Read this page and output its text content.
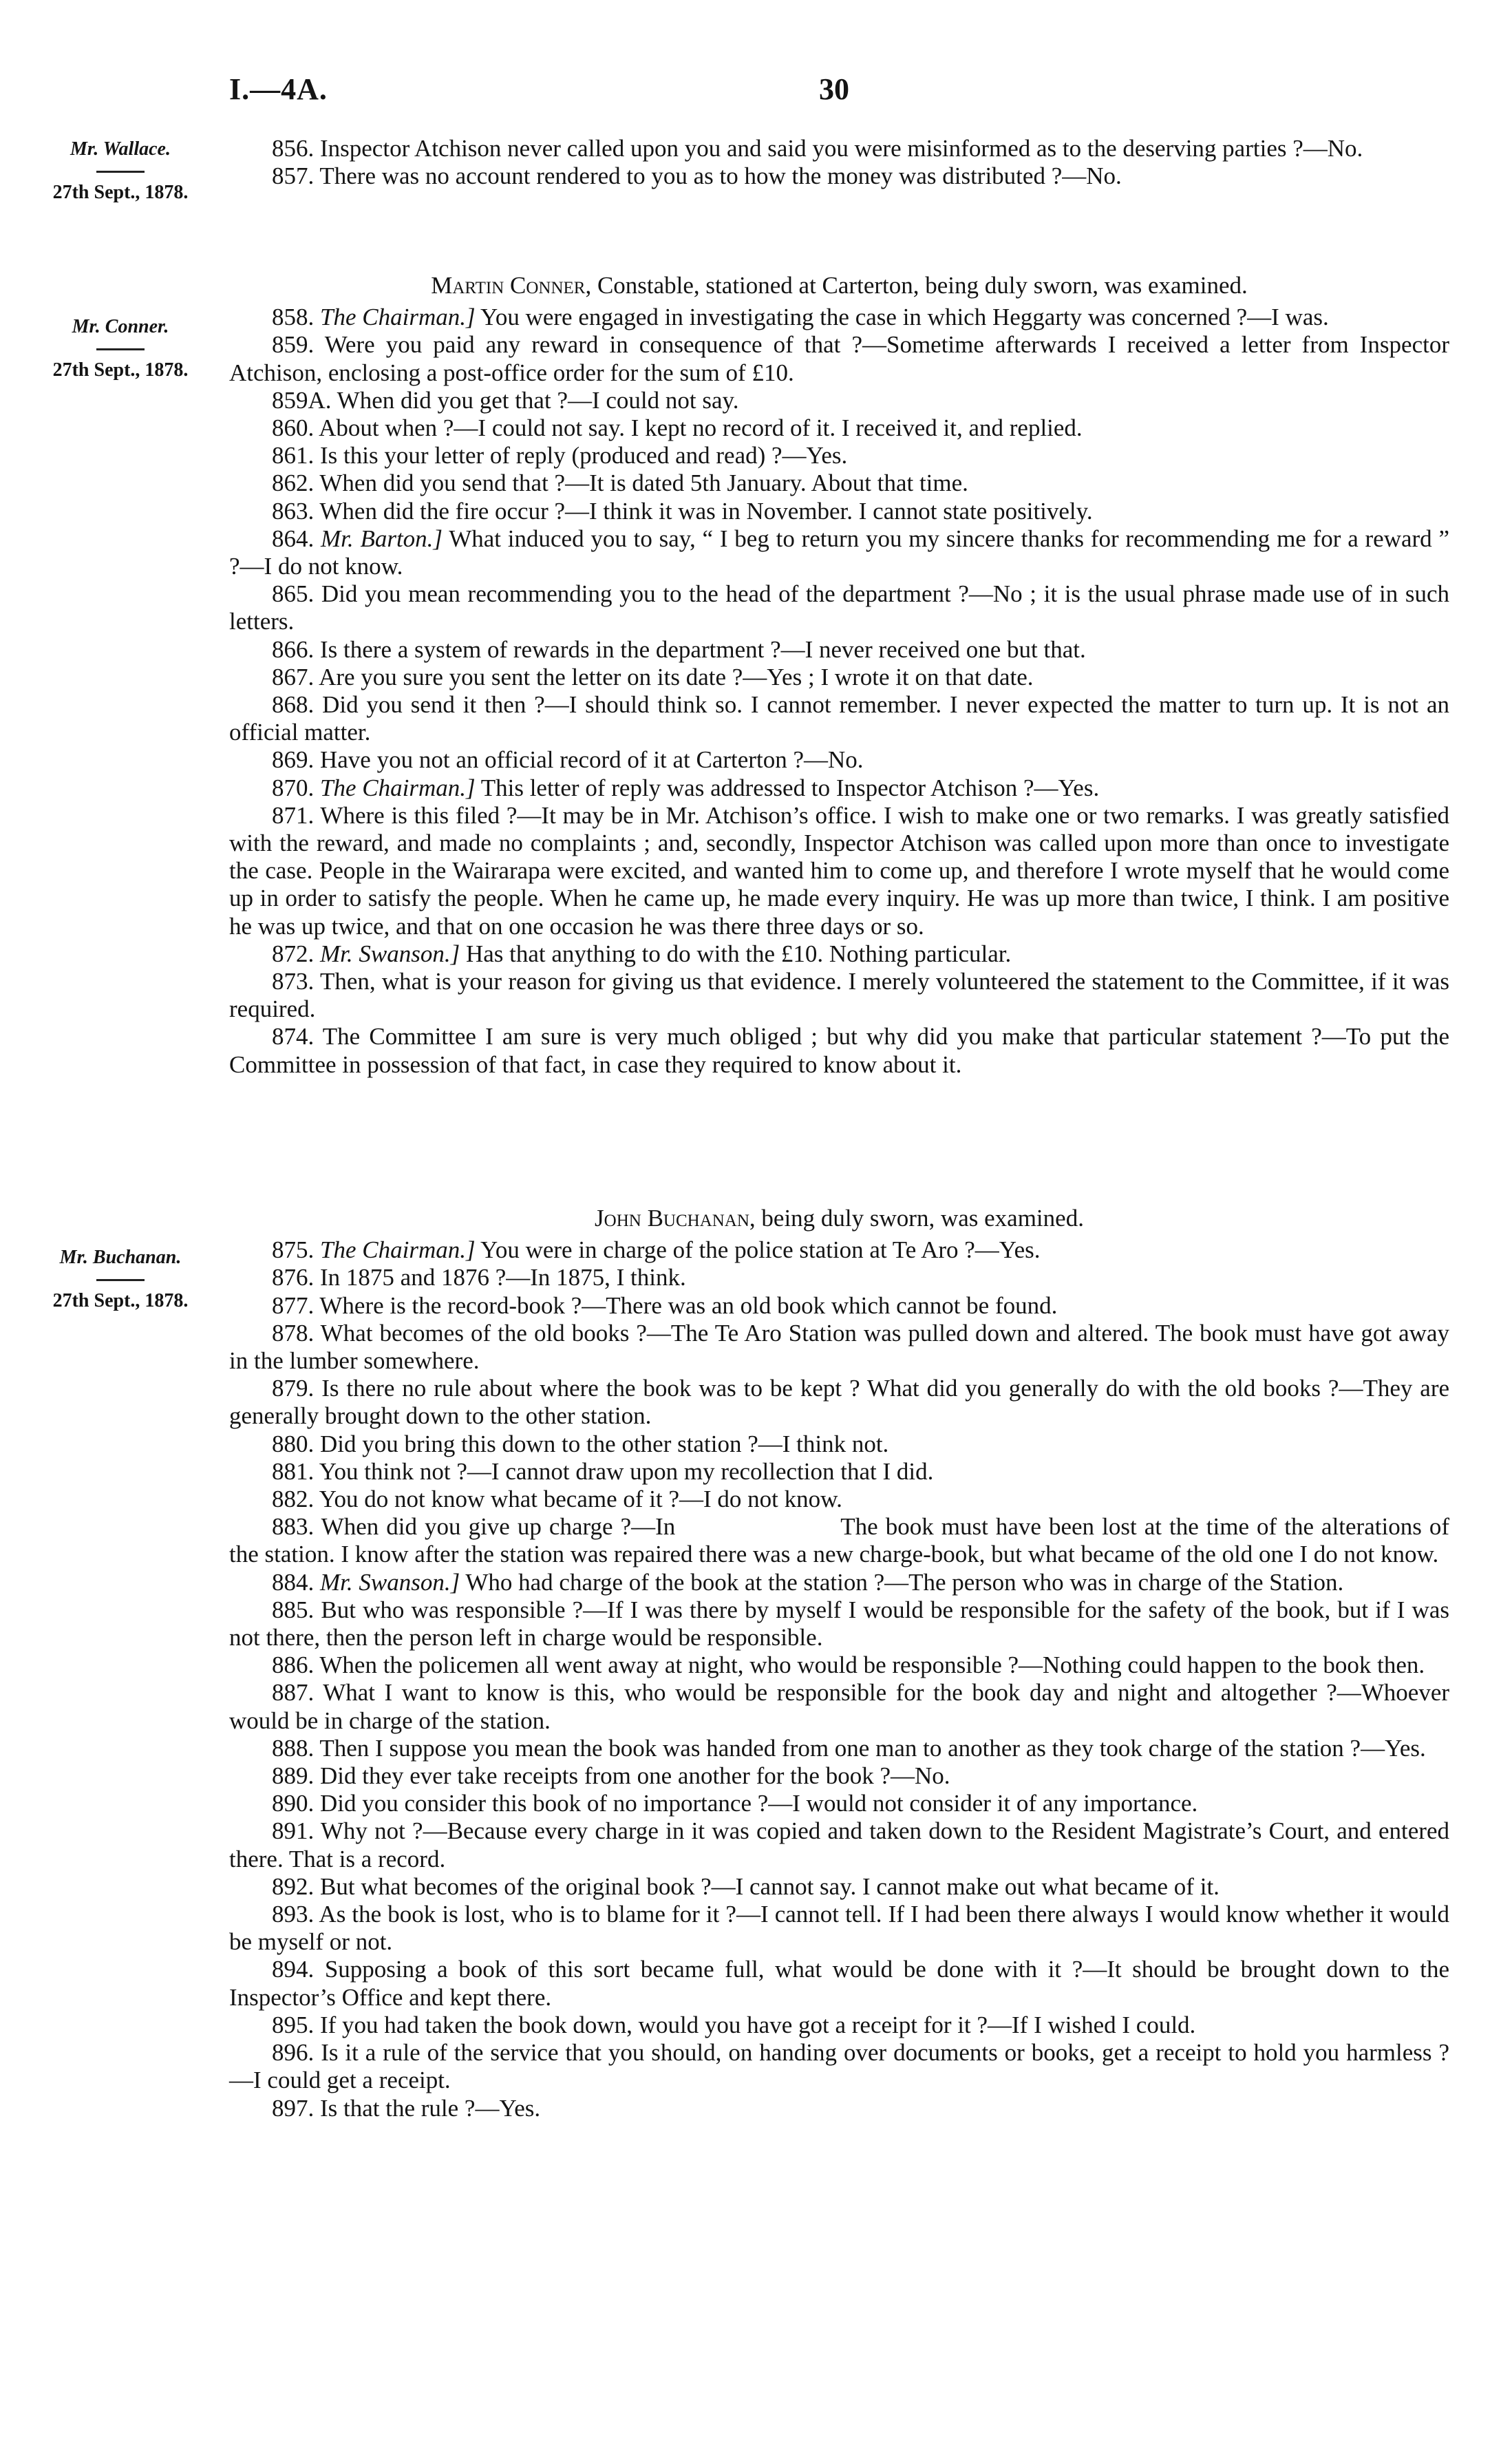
I.—4A.	30
Mr. Wallace.
27th Sept., 1878.

856. Inspector Atchison never called upon you and said you were misinformed as to the deserving parties ?—No.

857. There was no account rendered to you as to how the money was distributed ?—No.

Mr. Conner.
27th Sept., 1878.
Martin Conner, Constable, stationed at Carterton, being duly sworn, was examined.

858. The Chairman.] You were engaged in investigating the case in which Heggarty was concerned ?—I was.

859. Were you paid any reward in consequence of that ?—Sometime afterwards I received a letter from Inspector Atchison, enclosing a post-office order for the sum of £10.

859A. When did you get that ?—I could not say.

860. About when ?—I could not say. I kept no record of it. I received it, and replied.

861. Is this your letter of reply (produced and read) ?—Yes.

862. When did you send that ?—It is dated 5th January. About that time.

863. When did the fire occur ?—I think it was in November. I cannot state positively.

864. Mr. Barton.] What induced you to say, “ I beg to return you my sincere thanks for recommending me for a reward ” ?—I do not know.

865. Did you mean recommending you to the head of the department ?—No ; it is the usual phrase made use of in such letters.

866. Is there a system of rewards in the department ?—I never received one but that.

867. Are you sure you sent the letter on its date ?—Yes ; I wrote it on that date.

868. Did you send it then ?—I should think so. I cannot remember. I never expected the matter to turn up. It is not an official matter.

869. Have you not an official record of it at Carterton ?—No.

870. The Chairman.] This letter of reply was addressed to Inspector Atchison ?—Yes.

871. Where is this filed ?—It may be in Mr. Atchison’s office. I wish to make one or two remarks. I was greatly satisfied with the reward, and made no complaints ; and, secondly, Inspector Atchison was called upon more than once to investigate the case. People in the Wairarapa were excited, and wanted him to come up, and therefore I wrote myself that he would come up in order to satisfy the people. When he came up, he made every inquiry. He was up more than twice, I think. I am positive he was up twice, and that on one occasion he was there three days or so.

872. Mr. Swanson.] Has that anything to do with the £10. Nothing particular.

873. Then, what is your reason for giving us that evidence. I merely volunteered the statement to the Committee, if it was required.

874. The Committee I am sure is very much obliged ; but why did you make that particular statement ?—To put the Committee in possession of that fact, in case they required to know about it.

Mr. Buchanan.
27th Sept., 1878.
John Buchanan, being duly sworn, was examined.

875. The Chairman.] You were in charge of the police station at Te Aro ?—Yes.

876. In 1875 and 1876 ?—In 1875, I think.

877. Where is the record-book ?—There was an old book which cannot be found.

878. What becomes of the old books ?—The Te Aro Station was pulled down and altered. The book must have got away in the lumber somewhere.

879. Is there no rule about where the book was to be kept ? What did you generally do with the old books ?—They are generally brought down to the other station.

880. Did you bring this down to the other station ?—I think not.

881. You think not ?—I cannot draw upon my recollection that I did.

882. You do not know what became of it ?—I do not know.

883. When did you give up charge ?—In	The book must have been lost at the time of the alterations of the station. I know after the station was repaired there was a new charge-book, but what became of the old one I do not know.

884. Mr. Swanson.] Who had charge of the book at the station ?—The person who was in charge of the Station.

885. But who was responsible ?—If I was there by myself I would be responsible for the safety of the book, but if I was not there, then the person left in charge would be responsible.

886. When the policemen all went away at night, who would be responsible ?—Nothing could happen to the book then.

887. What I want to know is this, who would be responsible for the book day and night and altogether ?—Whoever would be in charge of the station.

888. Then I suppose you mean the book was handed from one man to another as they took charge of the station ?—Yes.

889. Did they ever take receipts from one another for the book ?—No.

890. Did you consider this book of no importance ?—I would not consider it of any importance.

891. Why not ?—Because every charge in it was copied and taken down to the Resident Magistrate’s Court, and entered there. That is a record.

892. But what becomes of the original book ?—I cannot say. I cannot make out what became of it.

893. As the book is lost, who is to blame for it ?—I cannot tell. If I had been there always I would know whether it would be myself or not.

894. Supposing a book of this sort became full, what would be done with it ?—It should be brought down to the Inspector’s Office and kept there.

895. If you had taken the book down, would you have got a receipt for it ?—If I wished I could.

896. Is it a rule of the service that you should, on handing over documents or books, get a receipt to hold you harmless ?—I could get a receipt.

897. Is that the rule ?—Yes.
